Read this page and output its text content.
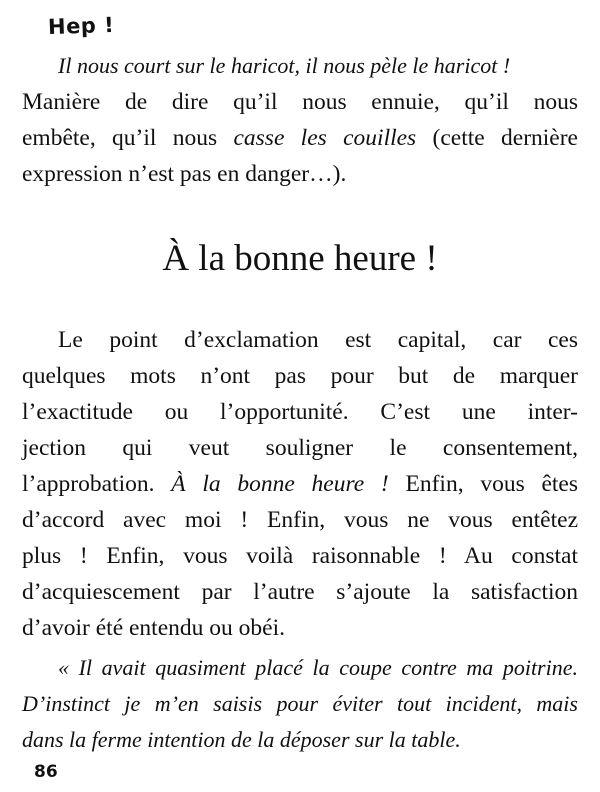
Hep !
Il nous court sur le haricot, il nous pèle le haricot !
Manière de dire qu’il nous ennuie, qu’il nous
embête, qu’il nous casse les couilles (cette dernière
expression n’est pas en danger…).
À la bonne heure !
Le point d’exclamation est capital, car ces
quelques mots n’ont pas pour but de marquer
l’exactitude ou l’opportunité. C’est une inter-
jection qui veut souligner le consentement,
l’approbation. À la bonne heure ! Enfin, vous êtes
d’accord avec moi ! Enfin, vous ne vous entêtez
plus ! Enfin, vous voilà raisonnable ! Au constat
d’acquiescement par l’autre s’ajoute la satisfaction
d’avoir été entendu ou obéi.
« Il avait quasiment placé la coupe contre ma poitrine.
D’instinct je m’en saisis pour éviter tout incident, mais
dans la ferme intention de la déposer sur la table.
86
